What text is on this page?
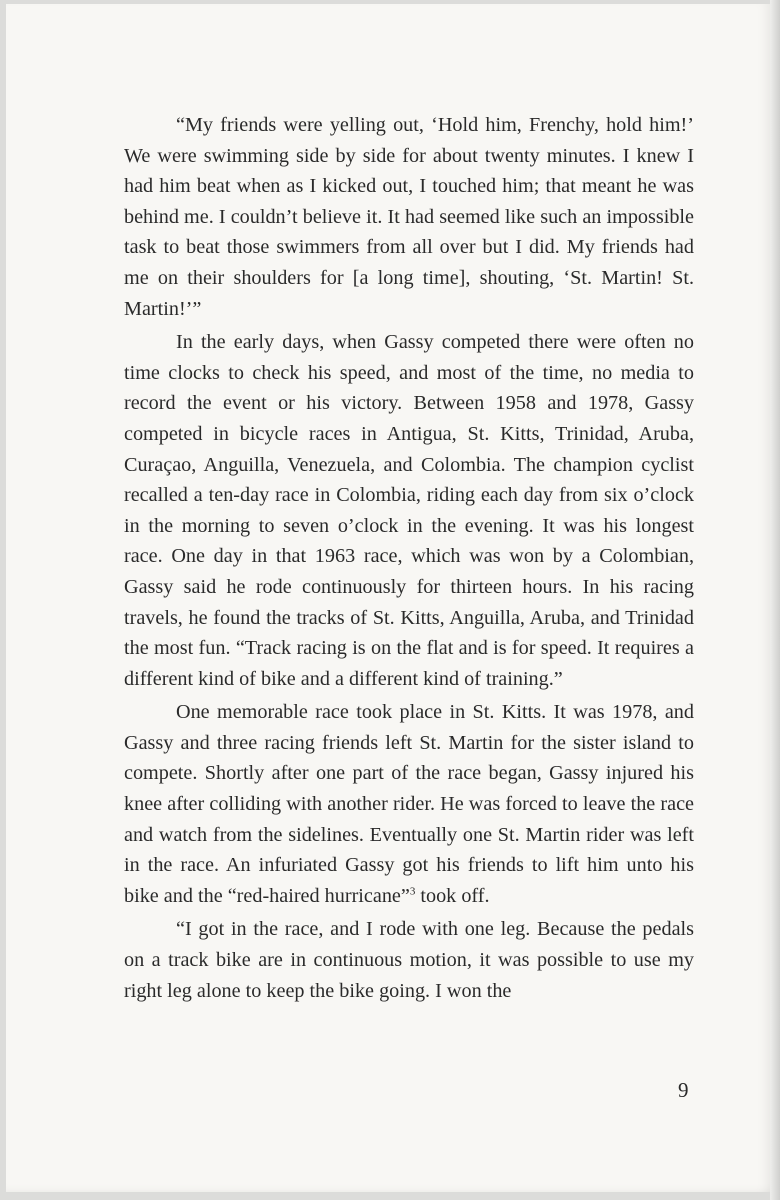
“My friends were yelling out, ‘Hold him, Frenchy, hold him!’ We were swimming side by side for about twenty minutes. I knew I had him beat when as I kicked out, I touched him; that meant he was behind me. I couldn’t believe it. It had seemed like such an impossible task to beat those swimmers from all over but I did. My friends had me on their shoulders for [a long time], shouting, ‘St. Martin! St. Martin!’”

In the early days, when Gassy competed there were often no time clocks to check his speed, and most of the time, no media to record the event or his victory. Between 1958 and 1978, Gassy competed in bicycle races in Antigua, St. Kitts, Trinidad, Aruba, Curaçao, Anguilla, Venezuela, and Colombia. The champion cyclist recalled a ten-day race in Colombia, riding each day from six o’clock in the morning to seven o’clock in the evening. It was his longest race. One day in that 1963 race, which was won by a Colombian, Gassy said he rode continuously for thirteen hours. In his racing travels, he found the tracks of St. Kitts, Anguilla, Aruba, and Trinidad the most fun. “Track racing is on the flat and is for speed. It requires a different kind of bike and a different kind of training.”

One memorable race took place in St. Kitts. It was 1978, and Gassy and three racing friends left St. Martin for the sister island to compete. Shortly after one part of the race began, Gassy injured his knee after colliding with another rider. He was forced to leave the race and watch from the sidelines. Eventually one St. Martin rider was left in the race. An infuriated Gassy got his friends to lift him unto his bike and the “red-haired hurricane”$^3$ took off.

“I got in the race, and I rode with one leg. Because the pedals on a track bike are in continuous motion, it was possible to use my right leg alone to keep the bike going. I won the

9
